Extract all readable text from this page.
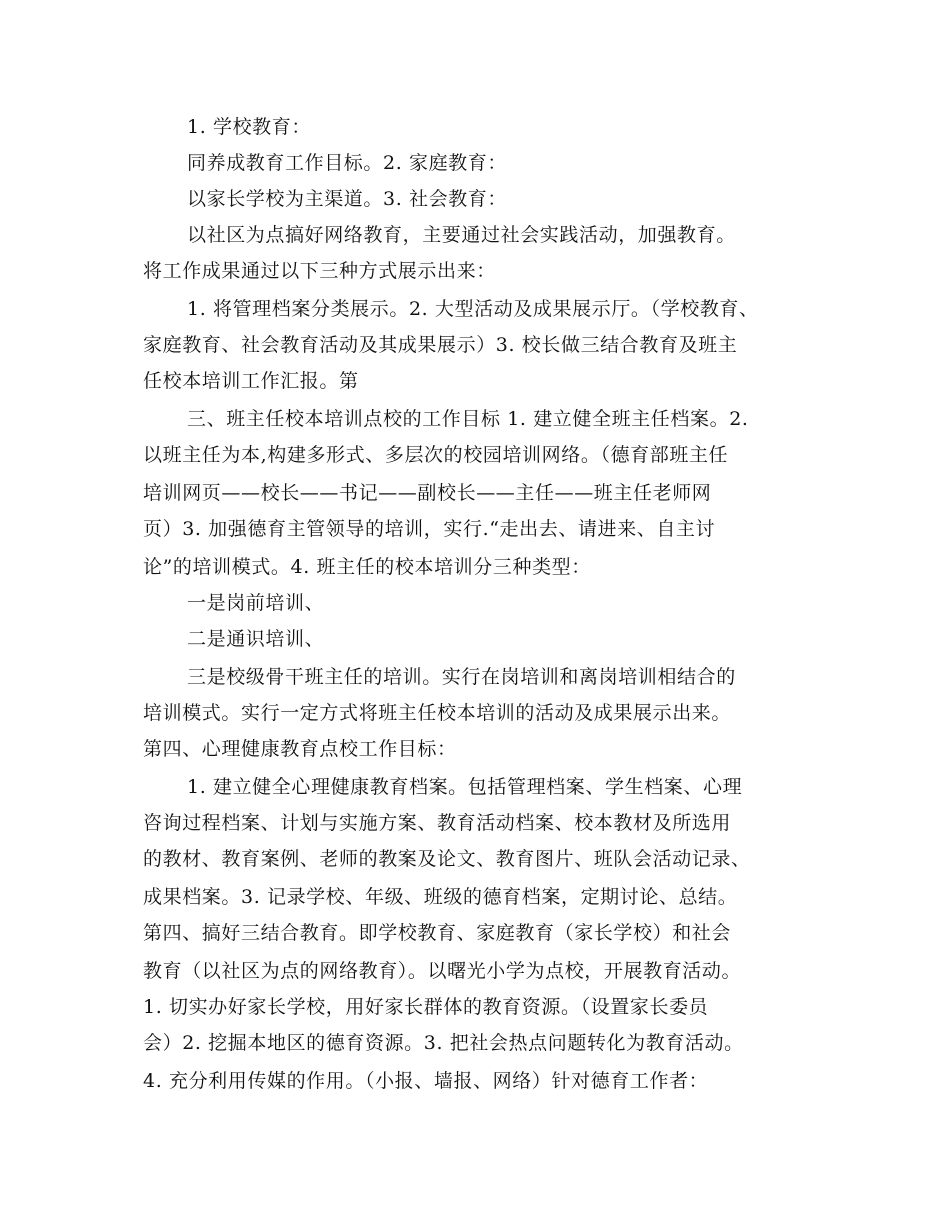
1. 学校教育：
同养成教育工作目标。2. 家庭教育：
以家长学校为主渠道。3. 社会教育：
以社区为点搞好网络教育，主要通过社会实践活动，加强教育。
将工作成果通过以下三种方式展示出来：
1. 将管理档案分类展示。2. 大型活动及成果展示厅。（学校教育、
家庭教育、社会教育活动及其成果展示）3. 校长做三结合教育及班主
任校本培训工作汇报。第
三、班主任校本培训点校的工作目标 1. 建立健全班主任档案。2.
以班主任为本,构建多形式、多层次的校园培训网络。（德育部班主任
培训网页——校长——书记——副校长——主任——班主任老师网
页）3. 加强德育主管领导的培训，实行.“走出去、请进来、自主讨
论”的培训模式。4. 班主任的校本培训分三种类型：
一是岗前培训、
二是通识培训、
三是校级骨干班主任的培训。实行在岗培训和离岗培训相结合的
培训模式。实行一定方式将班主任校本培训的活动及成果展示出来。
第四、心理健康教育点校工作目标：
1. 建立健全心理健康教育档案。包括管理档案、学生档案、心理
咨询过程档案、计划与实施方案、教育活动档案、校本教材及所选用
的教材、教育案例、老师的教案及论文、教育图片、班队会活动记录、
成果档案。3. 记录学校、年级、班级的德育档案，定期讨论、总结。
第四、搞好三结合教育。即学校教育、家庭教育（家长学校）和社会
教育（以社区为点的网络教育）。以曙光小学为点校，开展教育活动。
1. 切实办好家长学校，用好家长群体的教育资源。（设置家长委员
会）2. 挖掘本地区的德育资源。3. 把社会热点问题转化为教育活动。
4. 充分利用传媒的作用。（小报、墙报、网络）针对德育工作者：
